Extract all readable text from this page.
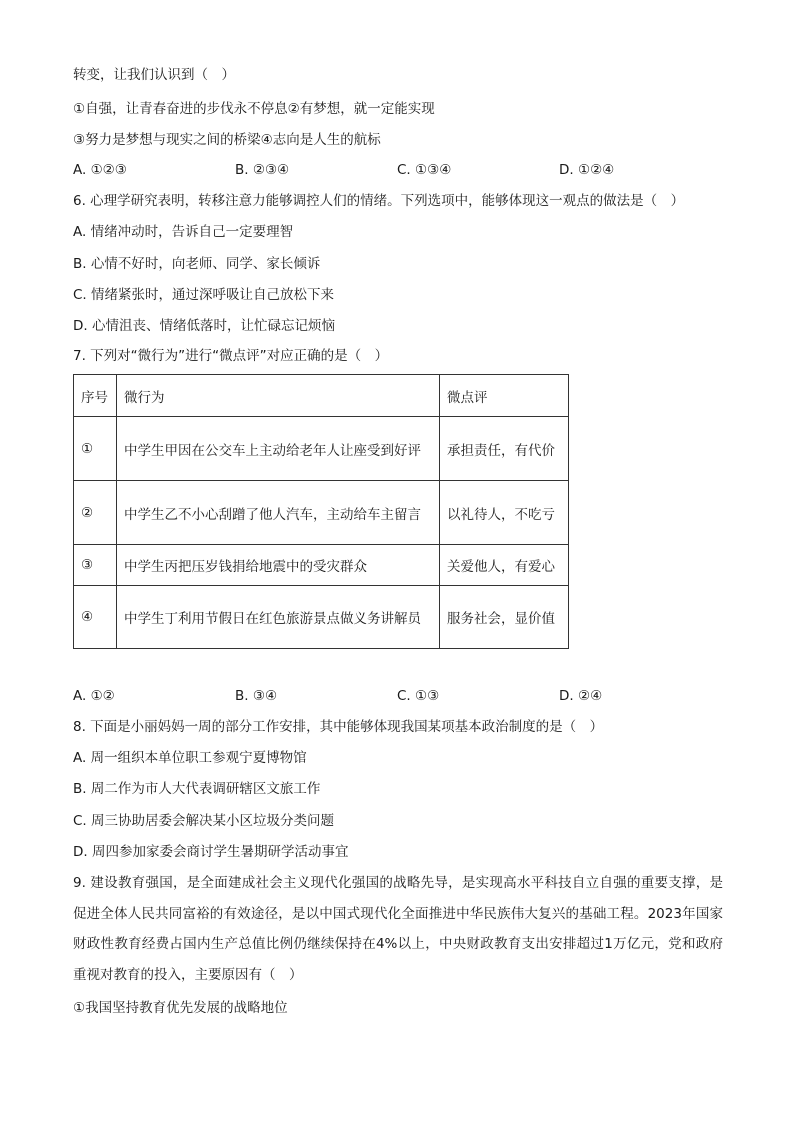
转变，让我们认识到（　）
①自强，让青春奋进的步伐永不停息②有梦想，就一定能实现
③努力是梦想与现实之间的桥梁④志向是人生的航标
A. ①②③	B. ②③④	C. ①③④	D. ①②④
6. 心理学研究表明，转移注意力能够调控人们的情绪。下列选项中，能够体现这一观点的做法是（　）
A. 情绪冲动时，告诉自己一定要理智
B. 心情不好时，向老师、同学、家长倾诉
C. 情绪紧张时，通过深呼吸让自己放松下来
D. 心情沮丧、情绪低落时，让忙碌忘记烦恼
7. 下列对“微行为”进行“微点评”对应正确的是（　）
序号	微行为	微点评
①	中学生甲因在公交车上主动给老年人让座受到好评	承担责任，有代价
②	中学生乙不小心刮蹭了他人汽车，主动给车主留言	以礼待人，不吃亏
③	中学生丙把压岁钱捐给地震中的受灾群众	关爱他人，有爱心
④	中学生丁利用节假日在红色旅游景点做义务讲解员	服务社会，显价值
A. ①②	B. ③④	C. ①③	D. ②④
8. 下面是小丽妈妈一周的部分工作安排，其中能够体现我国某项基本政治制度的是（　）
A. 周一组织本单位职工参观宁夏博物馆
B. 周二作为市人大代表调研辖区文旅工作
C. 周三协助居委会解决某小区垃圾分类问题
D. 周四参加家委会商讨学生暑期研学活动事宜
9. 建设教育强国，是全面建成社会主义现代化强国的战略先导，是实现高水平科技自立自强的重要支撑，是促进全体人民共同富裕的有效途径，是以中国式现代化全面推进中华民族伟大复兴的基础工程。2023年国家财政性教育经费占国内生产总值比例仍继续保持在4%以上，中央财政教育支出安排超过1万亿元，党和政府重视对教育的投入，主要原因有（　）
①我国坚持教育优先发展的战略地位
